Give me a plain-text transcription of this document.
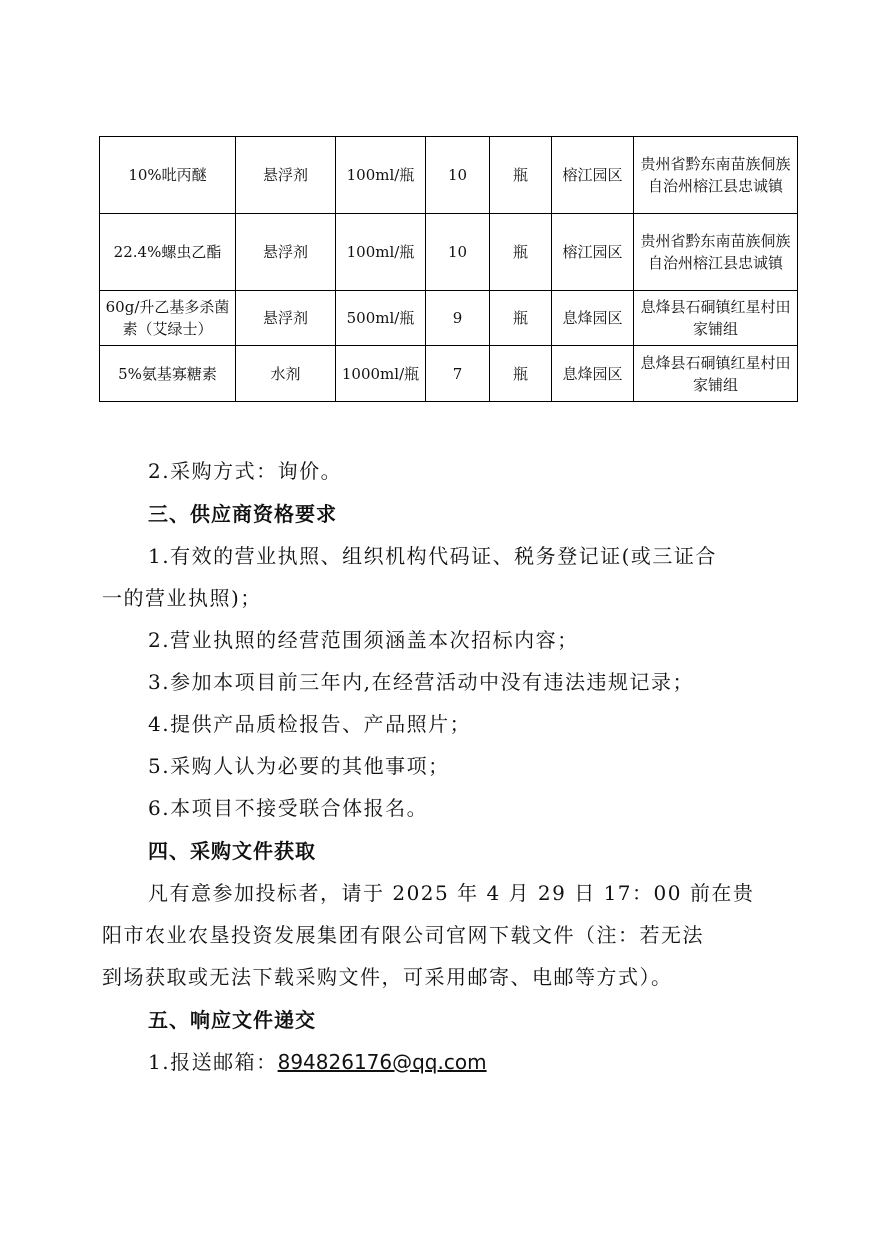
10%吡丙醚	悬浮剂	100ml/瓶	10	瓶	榕江园区	贵州省黔东南苗族侗族自治州榕江县忠诚镇
22.4%螺虫乙酯	悬浮剂	100ml/瓶	10	瓶	榕江园区	贵州省黔东南苗族侗族自治州榕江县忠诚镇
60g/升乙基多杀菌素（艾绿士）	悬浮剂	500ml/瓶	9	瓶	息烽园区	息烽县石硐镇红星村田家铺组
5%氨基寡糖素	水剂	1000ml/瓶	7	瓶	息烽园区	息烽县石硐镇红星村田家铺组
2.采购方式：询价。
三、供应商资格要求
1.有效的营业执照、组织机构代码证、税务登记证(或三证合
一的营业执照)；
2.营业执照的经营范围须涵盖本次招标内容；
3.参加本项目前三年内,在经营活动中没有违法违规记录；
4.提供产品质检报告、产品照片；
5.采购人认为必要的其他事项；
6.本项目不接受联合体报名。
四、采购文件获取
凡有意参加投标者，请于 2025 年 4 月 29 日 17：00 前在贵
阳市农业农垦投资发展集团有限公司官网下载文件（注：若无法
到场获取或无法下载采购文件，可采用邮寄、电邮等方式）。
五、响应文件递交
1.报送邮箱：894826176@qq.com
